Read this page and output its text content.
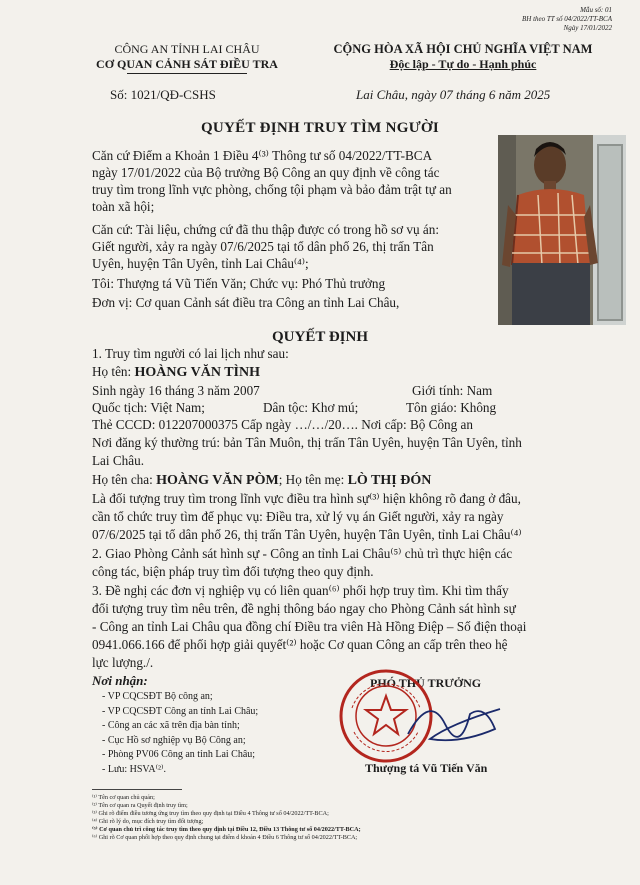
Mẫu số: 01
BH theo TT số 04/2022/TT-BCA
Ngày 17/01/2022
CÔNG AN TỈNH LAI CHÂU
CƠ QUAN CẢNH SÁT ĐIỀU TRA
CỘNG HÒA XÃ HỘI CHỦ NGHĨA VIỆT NAM
Độc lập - Tự do - Hạnh phúc
Số: 1021/QĐ-CSHS	Lai Châu, ngày 07 tháng 6 năm 2025
QUYẾT ĐỊNH TRUY TÌM NGƯỜI
Căn cứ Điểm a Khoản 1 Điều 4⁽³⁾ Thông tư số 04/2022/TT-BCA
ngày 17/01/2022 của Bộ trưởng Bộ Công an quy định về công tác
truy tìm trong lĩnh vực phòng, chống tội phạm và bảo đảm trật tự an
toàn xã hội;
Căn cứ: Tài liệu, chứng cứ đã thu thập được có trong hồ sơ vụ án:
Giết người, xảy ra ngày 07/6/2025 tại tổ dân phố 26, thị trấn Tân
Uyên, huyện Tân Uyên, tỉnh Lai Châu⁽⁴⁾;
Tôi: Thượng tá Vũ Tiến Văn; Chức vụ: Phó Thủ trưởng
Đơn vị: Cơ quan Cảnh sát điều tra Công an tỉnh Lai Châu,
QUYẾT ĐỊNH
1. Truy tìm người có lai lịch như sau:
Họ tên: HOÀNG VĂN TÌNH
Sinh ngày 16 tháng 3 năm 2007	Giới tính: Nam
Quốc tịch: Việt Nam;	Dân tộc: Khơ mú;	Tôn giáo: Không
Thẻ CCCD: 012207000375 Cấp ngày …/…/20…. Nơi cấp: Bộ Công an
Nơi đăng ký thường trú: bản Tân Muôn, thị trấn Tân Uyên, huyện Tân Uyên, tỉnh
Lai Châu.
Họ tên cha: HOÀNG VĂN PÒM; Họ tên mẹ: LÒ THỊ ĐÓN
Là đối tượng truy tìm trong lĩnh vực điều tra hình sự⁽³⁾ hiện không rõ đang ở đâu,
cần tổ chức truy tìm để phục vụ: Điều tra, xử lý vụ án Giết người, xảy ra ngày
07/6/2025 tại tổ dân phố 26, thị trấn Tân Uyên, huyện Tân Uyên, tỉnh Lai Châu⁽⁴⁾
2. Giao Phòng Cảnh sát hình sự - Công an tỉnh Lai Châu⁽⁵⁾ chủ trì thực hiện các
công tác, biện pháp truy tìm đối tượng theo quy định.
3. Đề nghị các đơn vị nghiệp vụ có liên quan⁽⁶⁾ phối hợp truy tìm. Khi tìm thấy
đối tượng truy tìm nêu trên, đề nghị thông báo ngay cho Phòng Cảnh sát hình sự
- Công an tỉnh Lai Châu qua đồng chí Điều tra viên Hà Hồng Điệp – Số điện thoại
0941.066.166 để phối hợp giải quyết⁽²⁾ hoặc Cơ quan Công an cấp trên theo hệ
lực lượng./.
Nơi nhận:
- VP CQCSĐT Bộ công an;
- VP CQCSĐT Công an tỉnh Lai Châu;
- Công an các xã trên địa bàn tỉnh;
- Cục Hồ sơ nghiệp vụ Bộ Công an;
- Phòng PV06 Công an tỉnh Lai Châu;
- Lưu: HSVA⁽²⁾.
PHÓ THỦ TRƯỞNG
Thượng tá Vũ Tiến Văn
⁽¹⁾ Tên cơ quan chủ quản;
⁽²⁾ Tên cơ quan ra Quyết định truy tìm;
⁽³⁾ Ghi rõ điểm điều tương ứng truy tìm theo quy định tại Điều 4 Thông tư số 04/2022/TT-BCA;
⁽⁴⁾ Ghi rõ lý do, mục đích truy tìm đối tượng;
⁽⁵⁾ Cơ quan chủ trì công tác truy tìm theo quy định tại Điều 12, Điều 13 Thông tư số 04/2022/TT-BCA;
⁽⁶⁾ Ghi rõ Cơ quan phối hợp theo quy định chung tại điểm d khoản 4 Điều 6 Thông tư số 04/2022/TT-BCA;
